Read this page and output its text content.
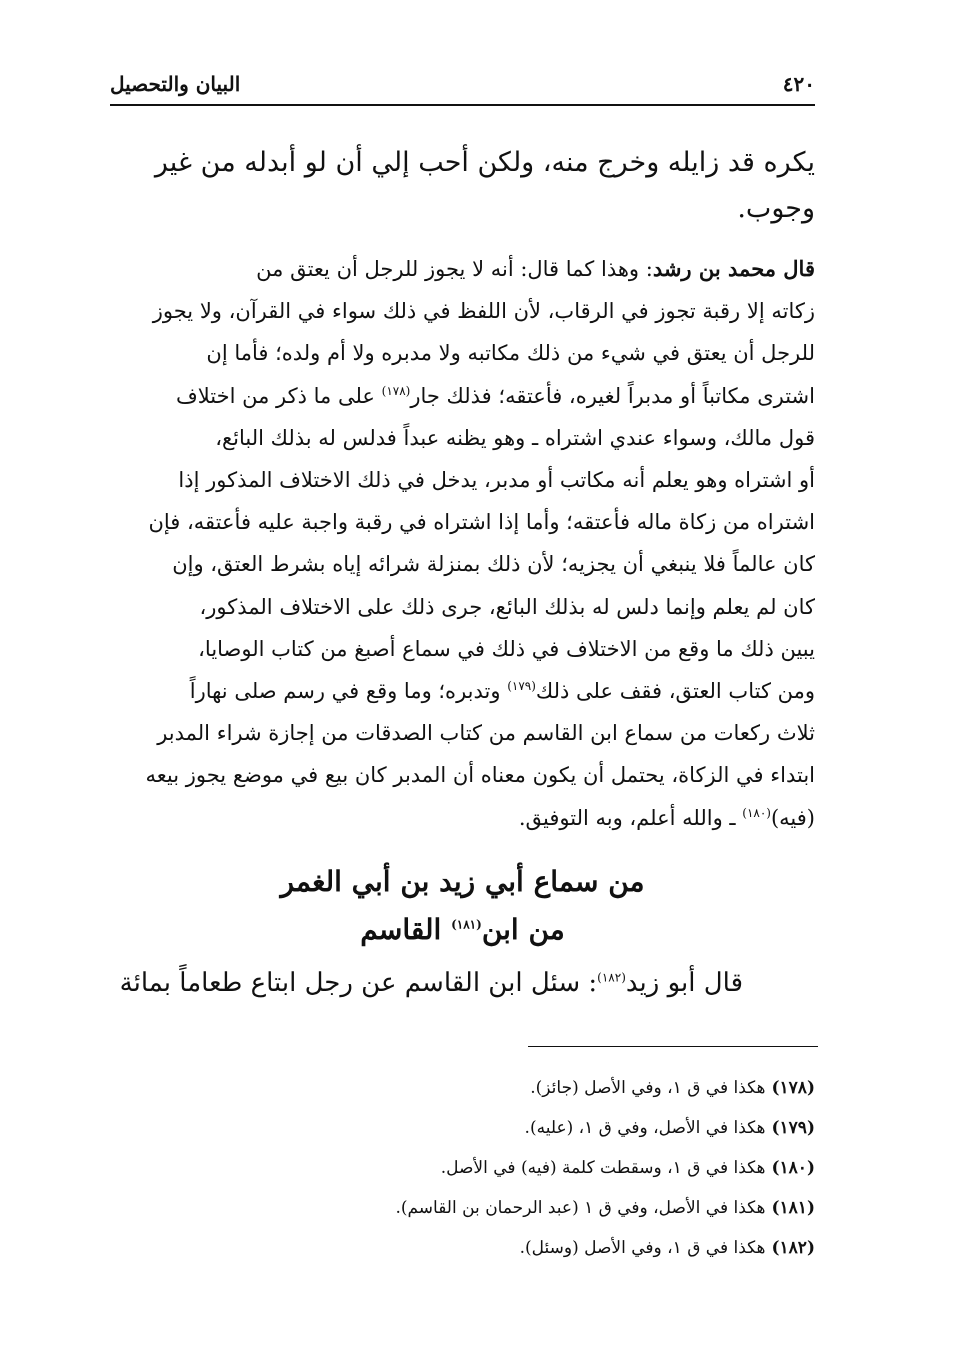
٤٢٠
البيان والتحصيل
يكره قد زايله وخرج منه، ولكن أحب إلي أن لو أبدله من غير
وجوب.
قال محمد بن رشد: وهذا كما قال: أنه لا يجوز للرجل أن يعتق من
زكاته إلا رقبة تجوز في الرقاب، لأن اللفظ في ذلك سواء في القرآن، ولا يجوز
للرجل أن يعتق في شيء من ذلك مكاتبه ولا مدبره ولا أم ولده؛ فأما إن
اشترى مكاتباً أو مدبراً لغيره، فأعتقه؛ فذلك جار$^{(١٧٨)}$ على ما ذكر من اختلاف
قول مالك، وسواء عندي اشتراه ـ وهو يظنه عبداً فدلس له بذلك البائع،
أو اشتراه وهو يعلم أنه مكاتب أو مدبر، يدخل في ذلك الاختلاف المذكور إذا
اشتراه من زكاة ماله فأعتقه؛ وأما إذا اشتراه في رقبة واجبة عليه فأعتقه، فإن
كان عالماً فلا ينبغي أن يجزيه؛ لأن ذلك بمنزلة شرائه إياه بشرط العتق، وإن
كان لم يعلم وإنما دلس له بذلك البائع، جرى ذلك على الاختلاف المذكور،
يبين ذلك ما وقع من الاختلاف في ذلك في سماع أصبغ من كتاب الوصايا،
ومن كتاب العتق، فقف على ذلك$^{(١٧٩)}$ وتدبره؛ وما وقع في رسم صلى نهاراً
ثلاث ركعات من سماع ابن القاسم من كتاب الصدقات من إجازة شراء المدبر
ابتداء في الزكاة، يحتمل أن يكون معناه أن المدبر كان بيع في موضع يجوز بيعه
(فيه)$^{(١٨٠)}$ ـ والله أعلم، وبه التوفيق.
من سماع أبي زيد بن أبي الغمر
من ابن$^{(١٨١)}$ القاسم
قال أبو زيد$^{(١٨٢)}$: سئل ابن القاسم عن رجل ابتاع طعاماً بمائة
(١٧٨)هكذا في ق ١، وفي الأصل (جائز).
(١٧٩)هكذا في الأصل، وفي ق ١، (عليه).
(١٨٠)هكذا في ق ١، وسقطت كلمة (فيه) في الأصل.
(١٨١)هكذا في الأصل، وفي ق ١ (عبد الرحمان بن القاسم).
(١٨٢)هكذا في ق ١، وفي الأصل (وسئل).
